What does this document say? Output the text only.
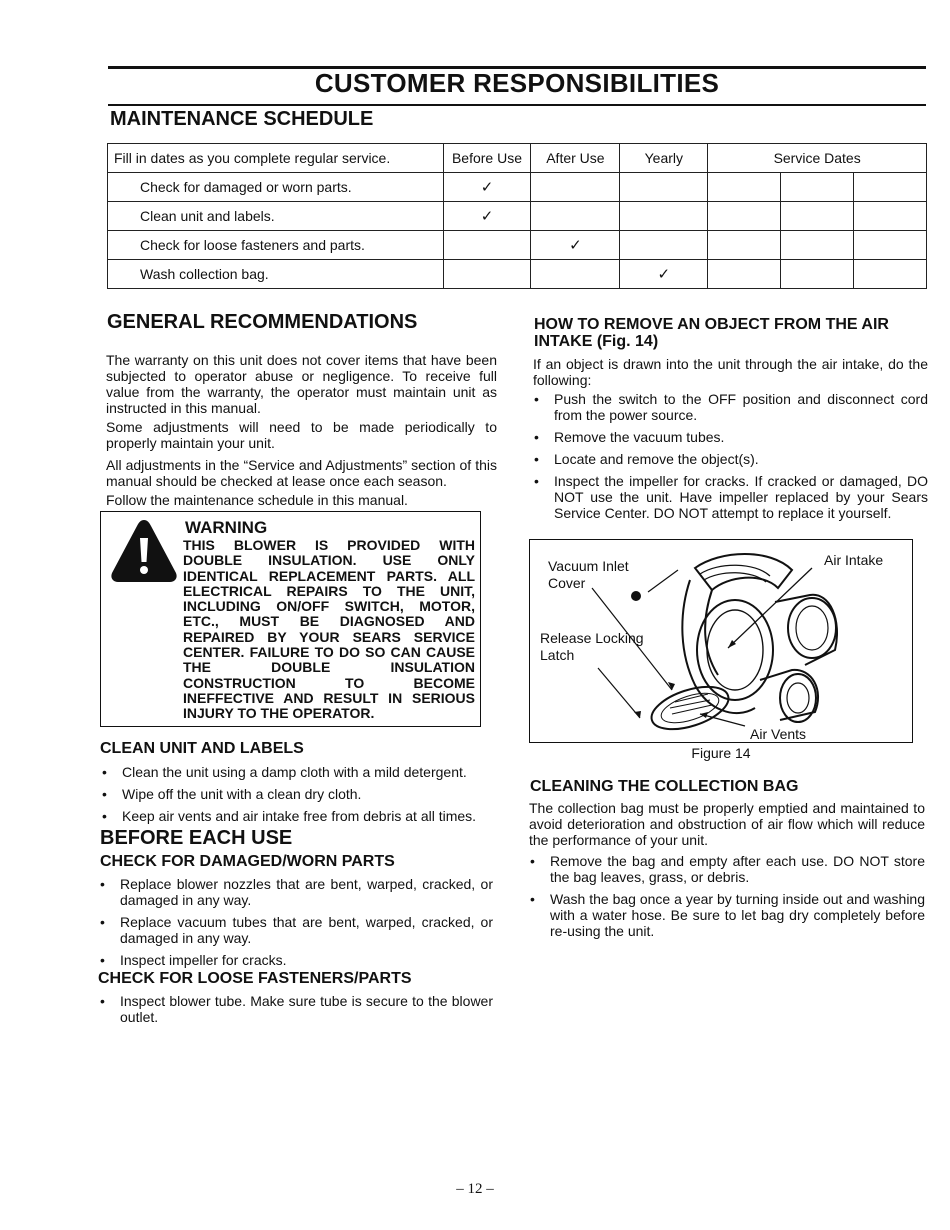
CUSTOMER RESPONSIBILITIES
MAINTENANCE SCHEDULE
Fill in dates as you complete regular service.	Before Use	After Use	Yearly	Service Dates		
Check for damaged or worn parts.	✓					
Clean unit and labels.	✓					
Check for loose fasteners and parts.		✓				
Wash collection bag.			✓			
GENERAL RECOMMENDATIONS

The warranty on this unit does not cover items that have been subjected to operator abuse or negligence. To receive full value from the warranty, the operator must maintain unit as instructed in this manual.

Some adjustments will need to be made periodically to properly maintain your unit.

All adjustments in the “Service and Adjustments” section of this manual should be checked at lease once each season.

Follow the maintenance schedule in this manual.

WARNING

THIS BLOWER IS PROVIDED WITH DOUBLE INSULATION. USE ONLY IDENTICAL REPLACEMENT PARTS. ALL ELECTRICAL REPAIRS TO THE UNIT, INCLUDING ON/OFF SWITCH, MOTOR, ETC., MUST BE DIAGNOSED AND REPAIRED BY YOUR SEARS SERVICE CENTER. FAILURE TO DO SO CAN CAUSE THE DOUBLE INSULATION CONSTRUCTION TO BECOME INEFFECTIVE AND RESULT IN SERIOUS INJURY TO THE OPERATOR.

CLEAN UNIT AND LABELS
• Clean the unit using a damp cloth with a mild detergent.
• Wipe off the unit with a clean dry cloth.
• Keep air vents and air intake free from debris at all times.
BEFORE EACH USE
CHECK FOR DAMAGED/WORN PARTS
• Replace blower nozzles that are bent, warped, cracked, or damaged in any way.
• Replace vacuum tubes that are bent, warped, cracked, or damaged in any way.
• Inspect impeller for cracks.
CHECK FOR LOOSE FASTENERS/PARTS
• Inspect blower tube. Make sure tube is secure to the blower outlet.
HOW TO REMOVE AN OBJECT FROM THE AIR INTAKE (Fig. 14)

If an object is drawn into the unit through the air intake, do the following:

• Push the switch to the OFF position and disconnect cord from the power source.
• Remove the vacuum tubes.
• Locate and remove the object(s).
• Inspect the impeller for cracks. If cracked or damaged, DO NOT use the unit. Have impeller replaced by your Sears Service Center. DO NOT attempt to replace it yourself.
Vacuum Inlet Cover
Air Intake
Release Locking Latch
Air Vents
Figure 14
CLEANING THE COLLECTION BAG

The collection bag must be properly emptied and maintained to avoid deterioration and obstruction of air flow which will reduce the performance of your unit.

• Remove the bag and empty after each use. DO NOT store the bag leaves, grass, or debris.
• Wash the bag once a year by turning inside out and washing with a water hose. Be sure to let bag dry completely before re-using the unit.
– 12 –
